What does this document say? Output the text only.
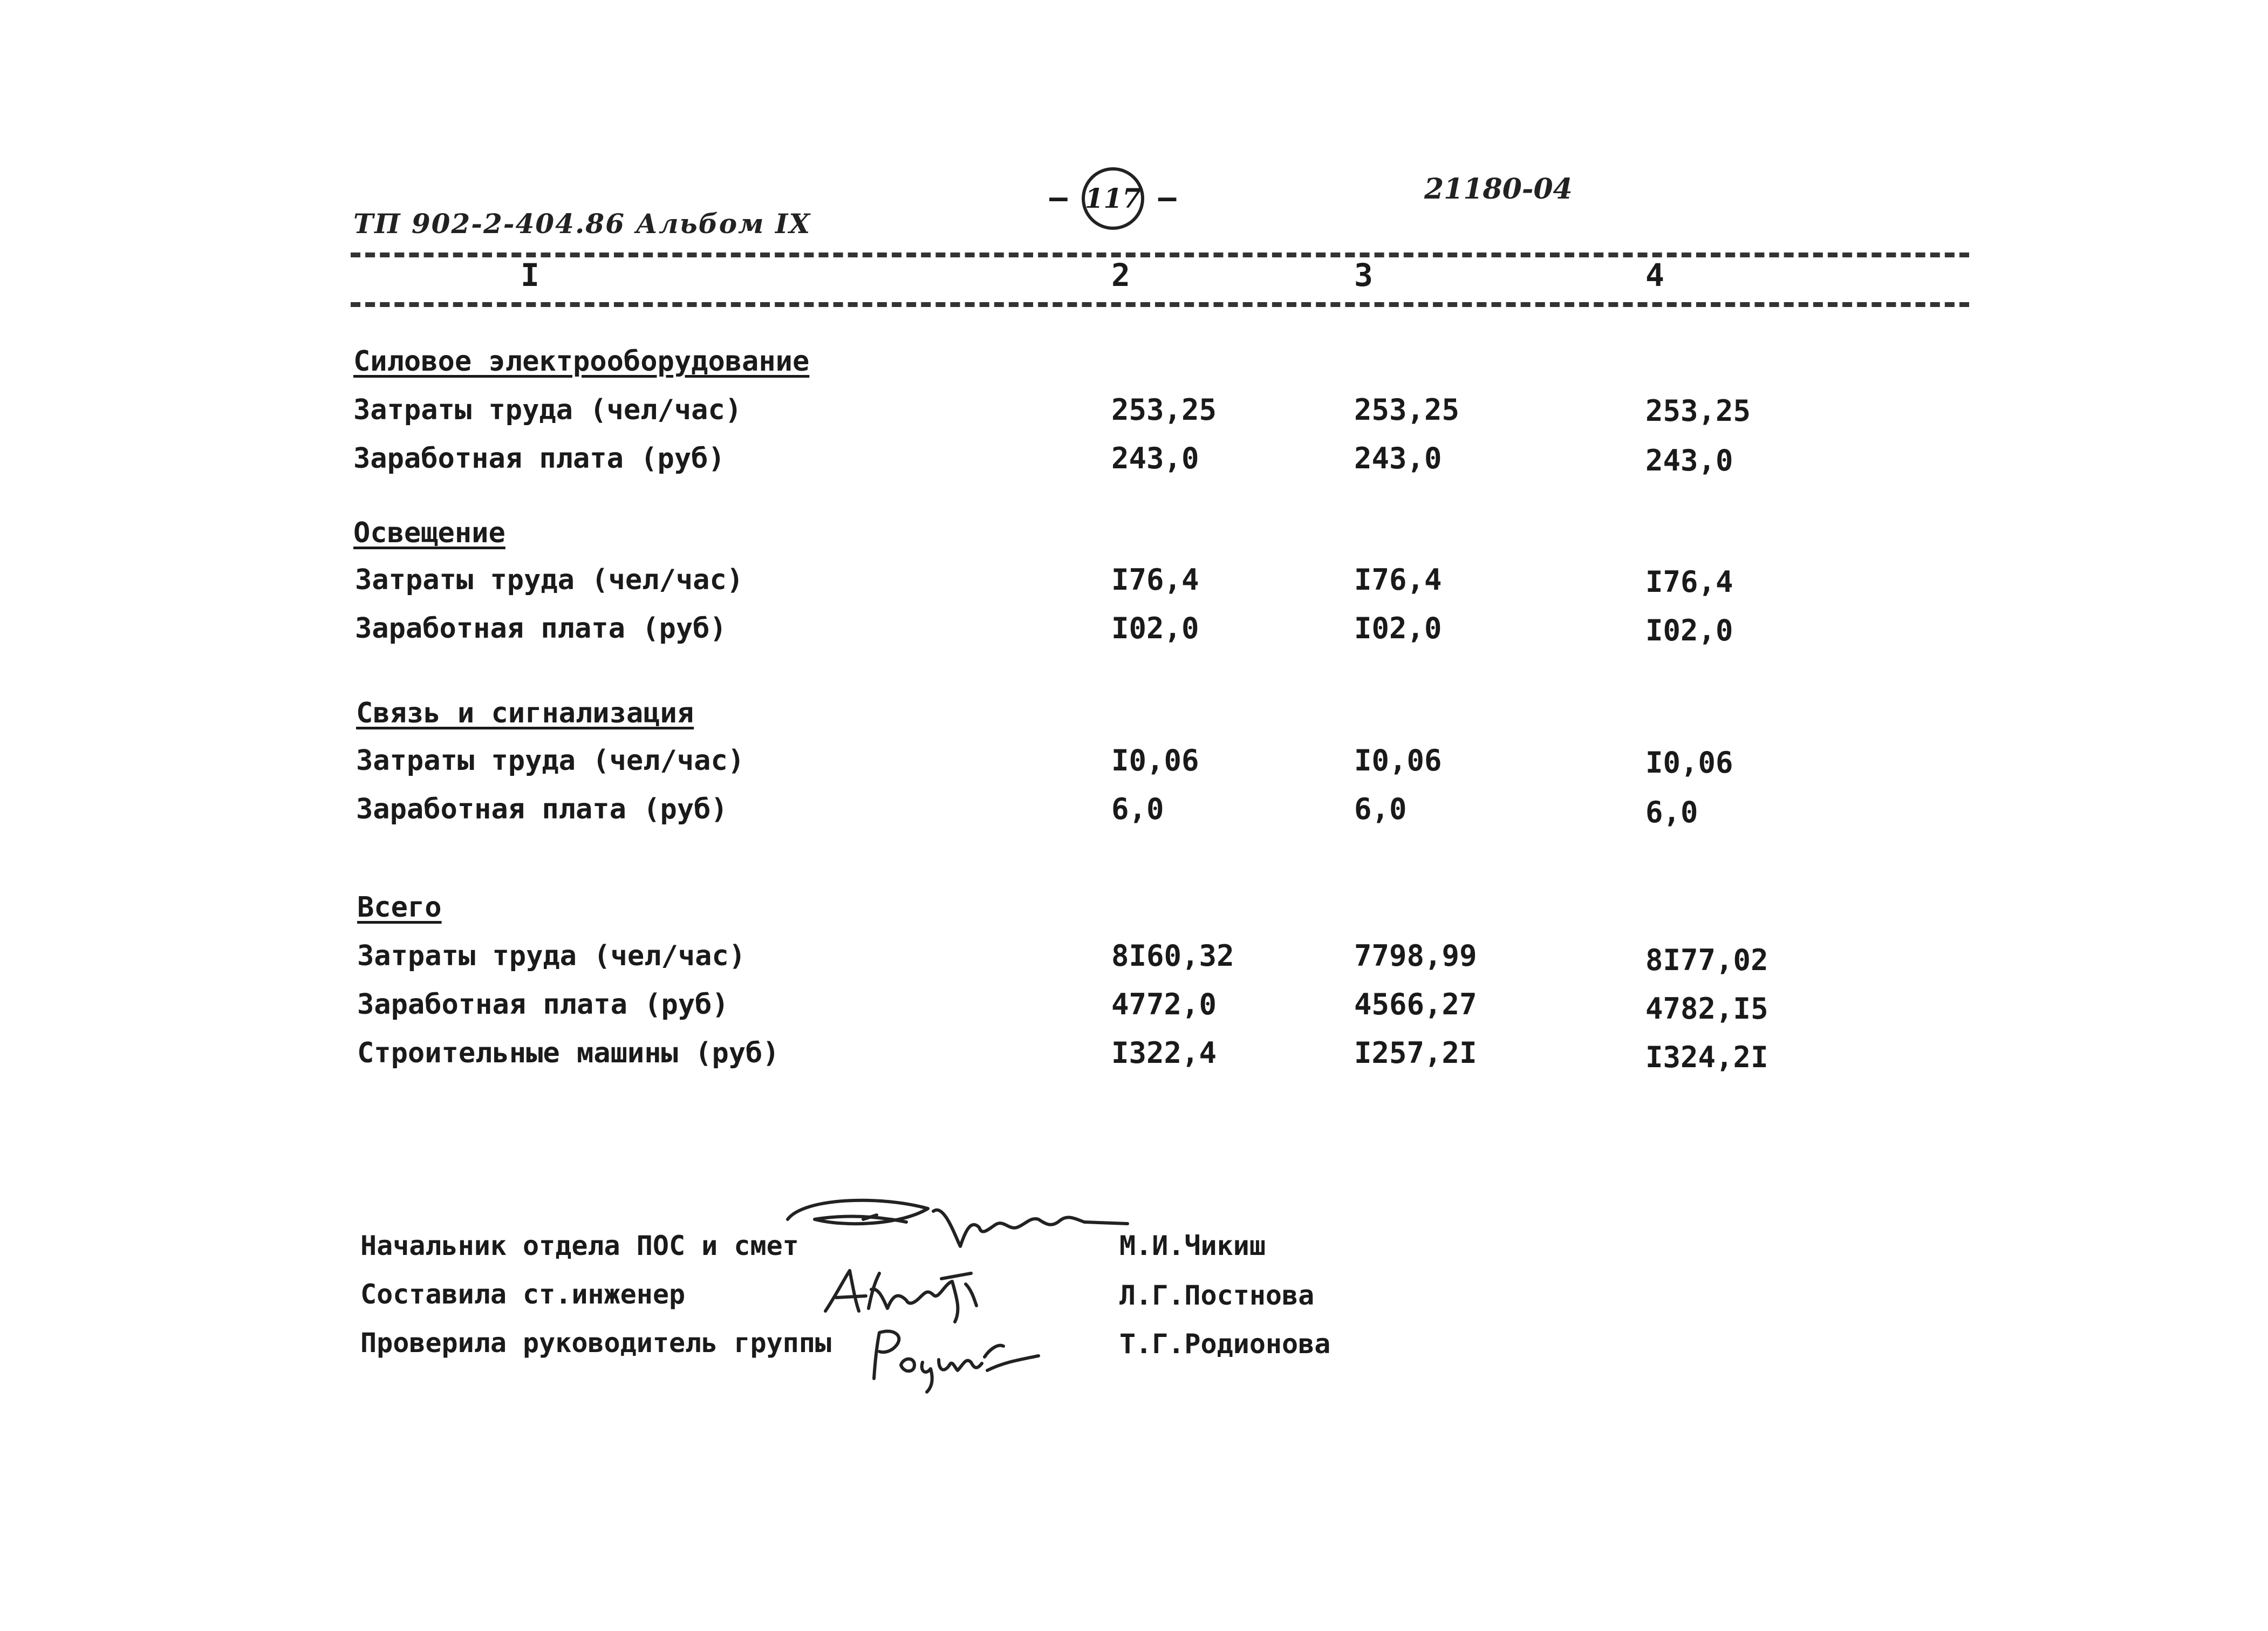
ТП 902-2-404.86 Альбом IX
– 117 –	21180-04
I	2	3	4
Силовое электрооборудование
Затраты труда (чел/час)	253,25	253,25	253,25
Заработная плата (руб)	243,0	243,0	243,0
Освещение
Затраты труда (чел/час)	I76,4	I76,4	I76,4
Заработная плата (руб)	I02,0	I02,0	I02,0
Связь и сигнализация
Затраты труда (чел/час)	I0,06	I0,06	I0,06
Заработная плата (руб)	6,0	6,0	6,0
Всего
Затраты труда (чел/час)	8I60,32	7798,99	8I77,02
Заработная плата (руб)	4772,0	4566,27	4782,I5
Строительные машины (руб)	I322,4	I257,2I	I324,2I
Начальник отдела ПОС и смет	М.И.Чикиш
Составила ст.инженер	Л.Г.Постнова
Проверила руководитель группы	Т.Г.Родионова
